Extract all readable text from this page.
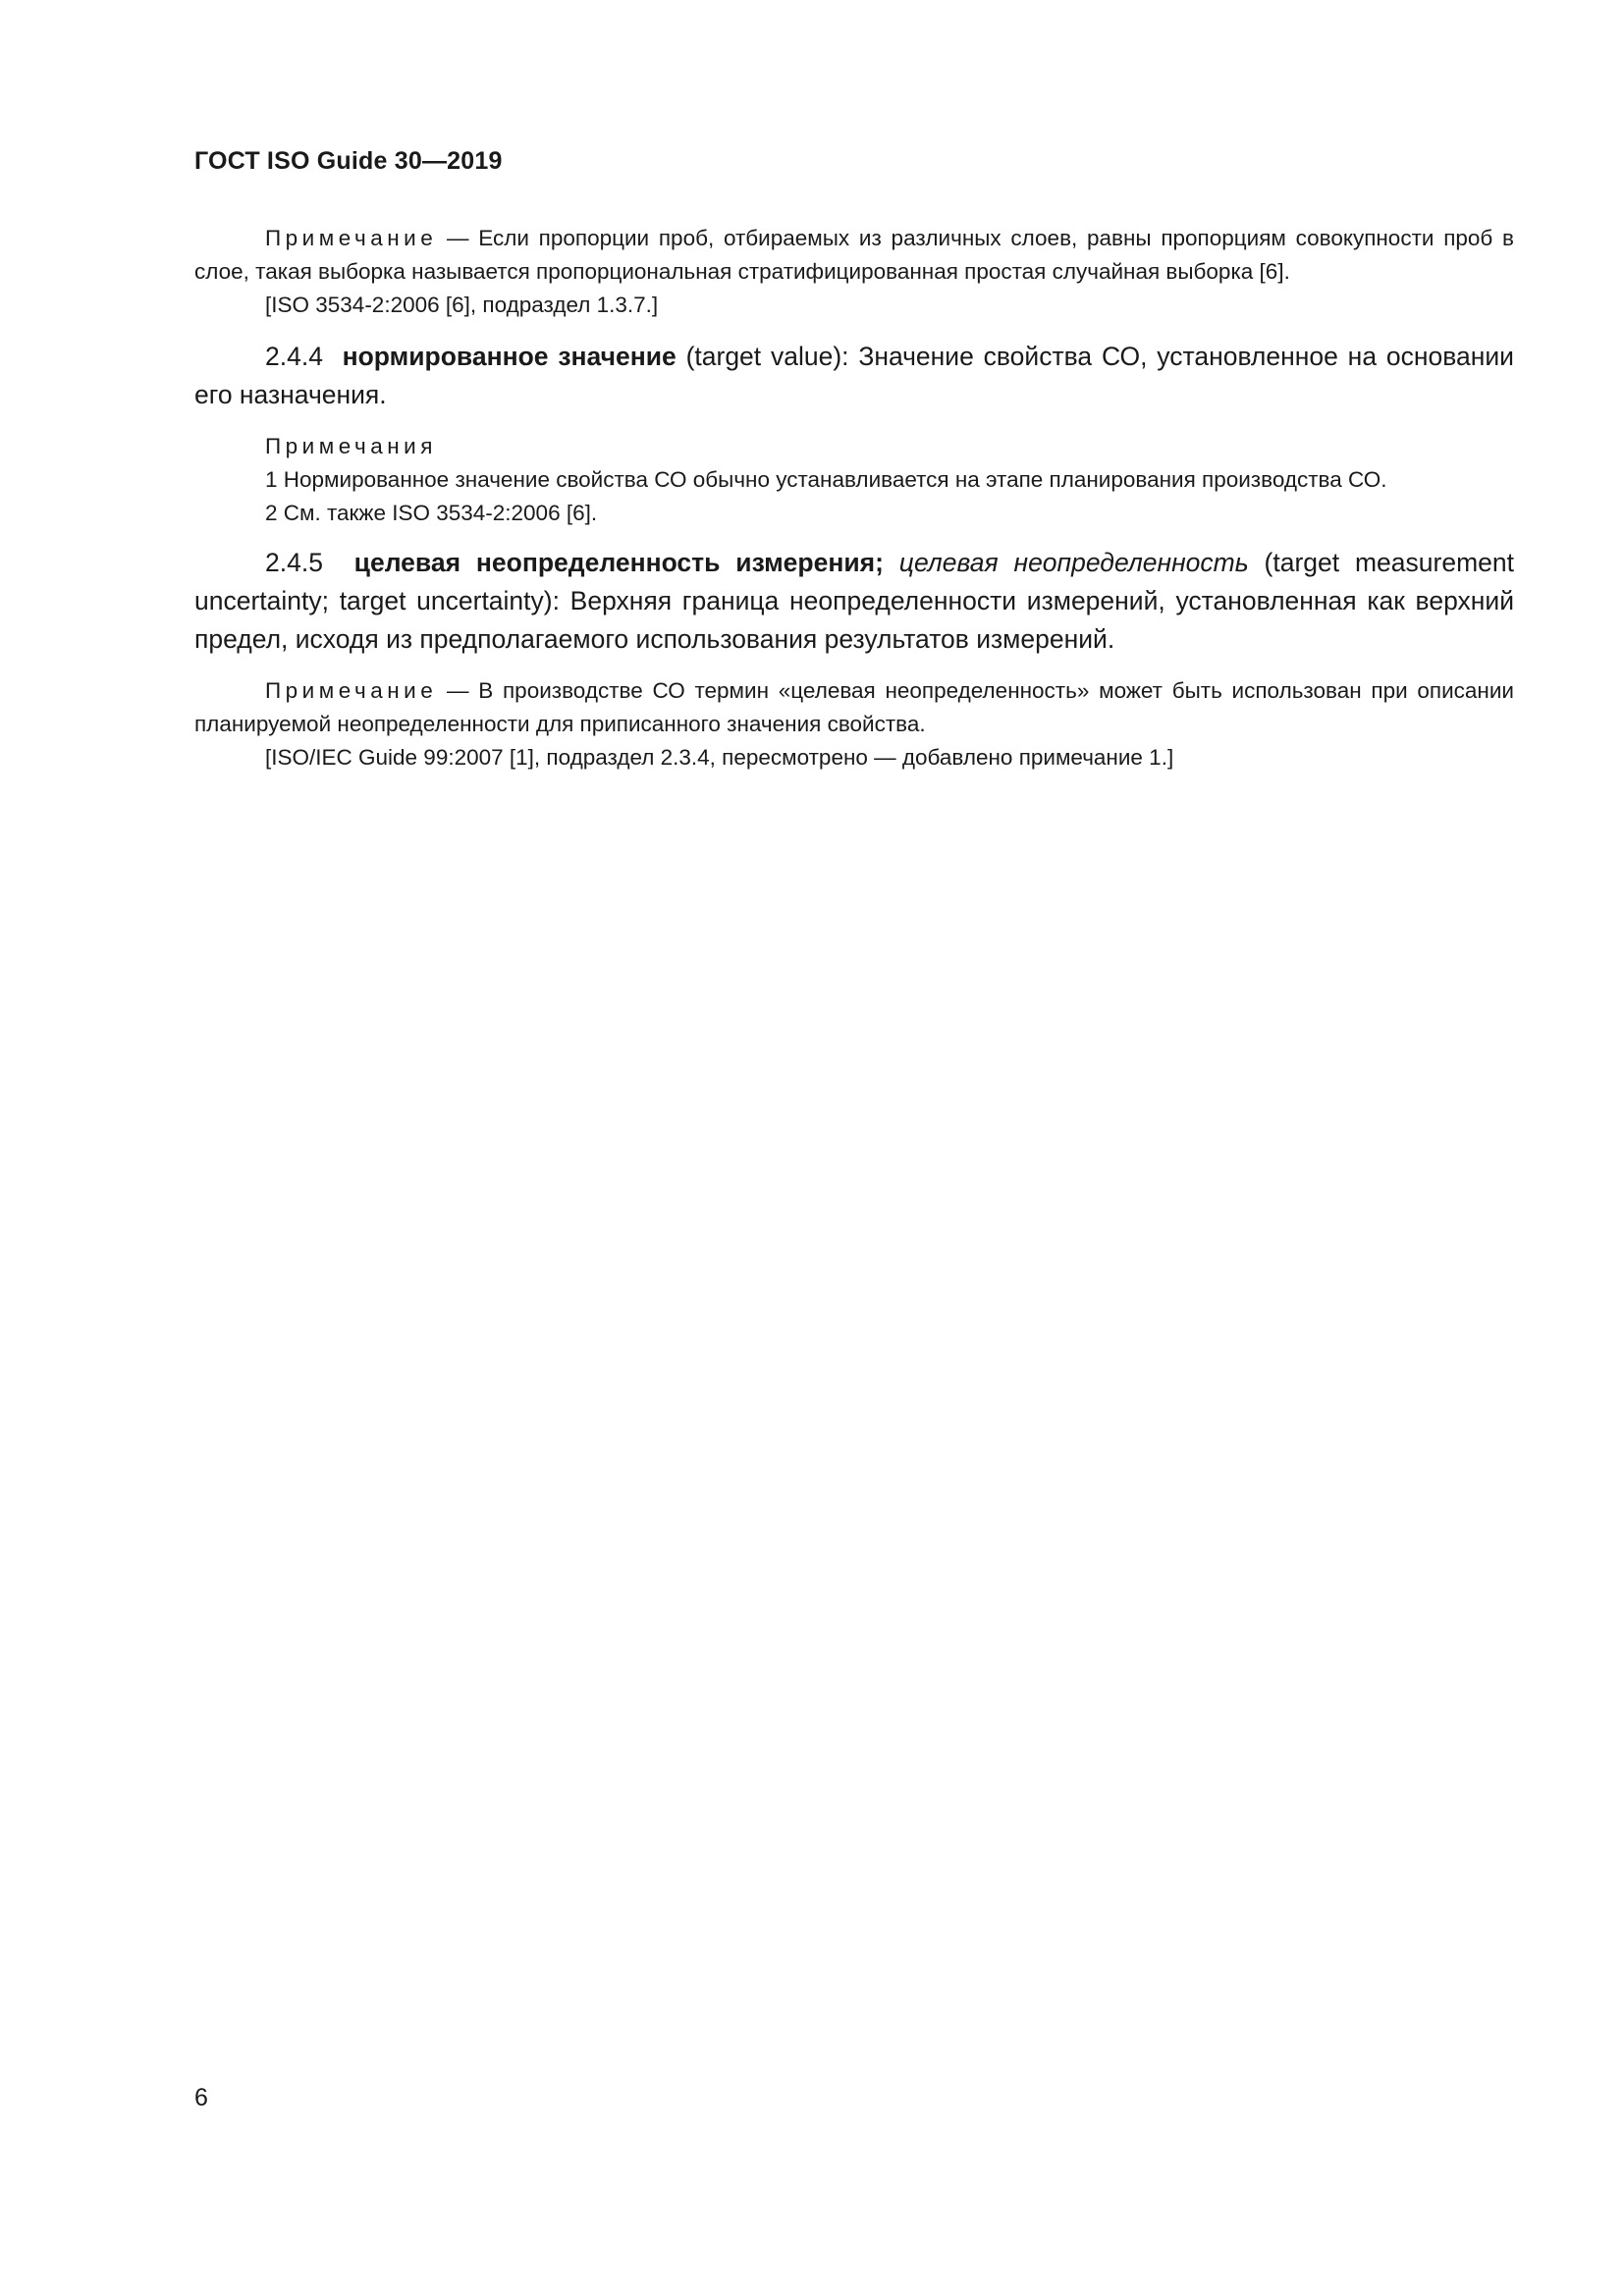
ГОСТ ISO Guide 30—2019

Примечание — Если пропорции проб, отбираемых из различных слоев, равны пропорциям совокупности проб в слое, такая выборка называется пропорциональная стратифицированная простая случайная выборка [6].

[ISO 3534-2:2006 [6], подраздел 1.3.7.]

2.4.4 нормированное значение (target value): Значение свойства СО, установленное на основании его назначения.

Примечания

1 Нормированное значение свойства СО обычно устанавливается на этапе планирования производства СО.

2 См. также ISO 3534-2:2006 [6].

2.4.5 целевая неопределенность измерения; целевая неопределенность (target measurement uncertainty; target uncertainty): Верхняя граница неопределенности измерений, установленная как верхний предел, исходя из предполагаемого использования результатов измерений.

Примечание — В производстве СО термин «целевая неопределенность» может быть использован при описании планируемой неопределенности для приписанного значения свойства.

[ISO/IEC Guide 99:2007 [1], подраздел 2.3.4, пересмотрено — добавлено примечание 1.]

6
